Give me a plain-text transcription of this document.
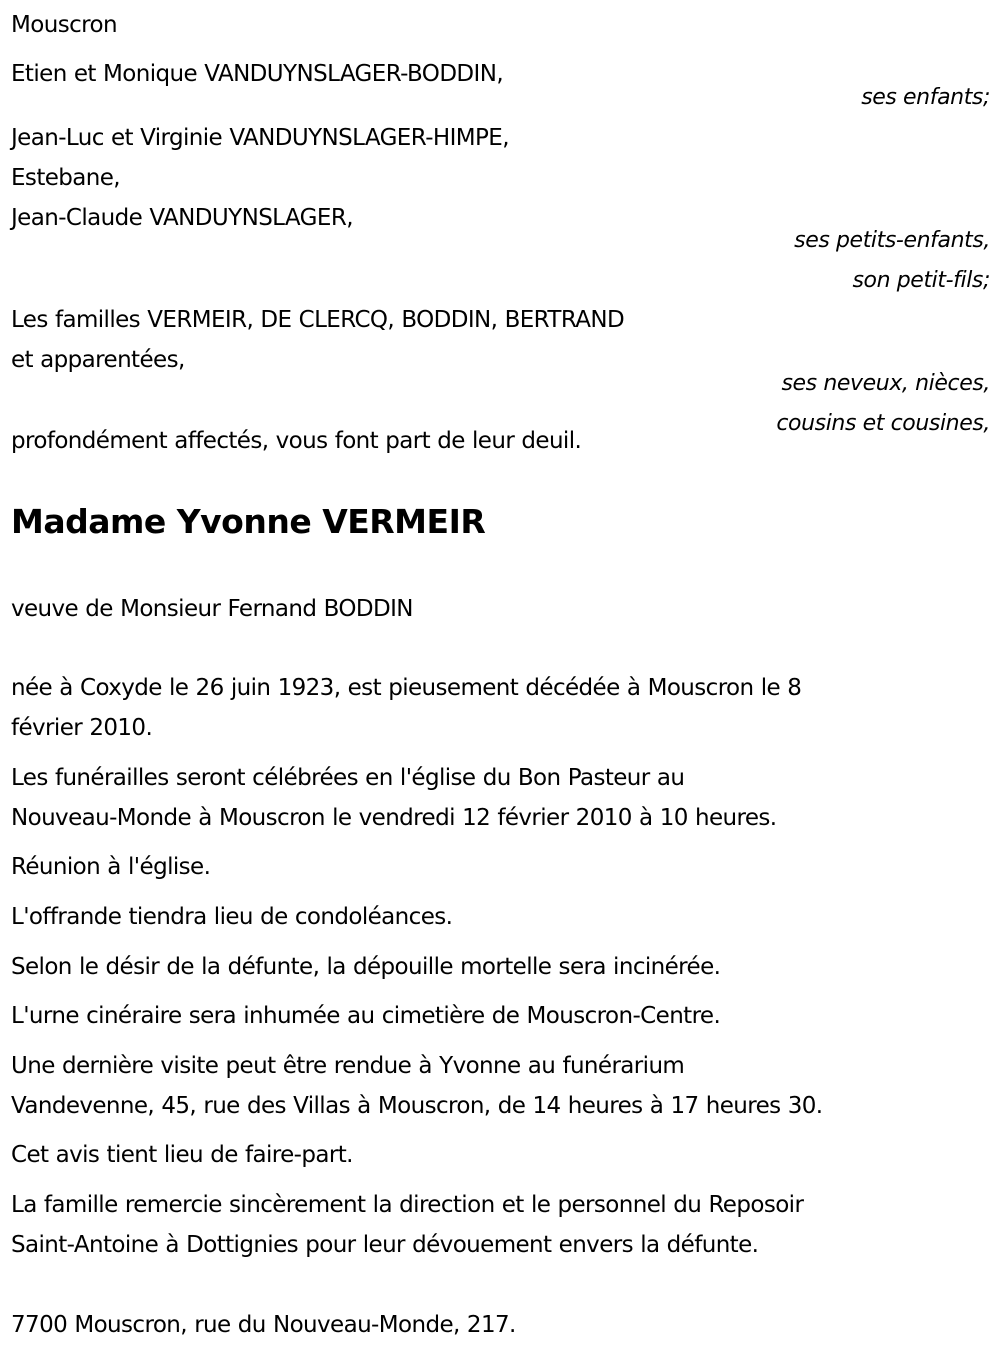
Mouscron
Etien et Monique VANDUYNSLAGER-BODDIN,
ses enfants;
Jean-Luc et Virginie VANDUYNSLAGER-HIMPE,
Estebane,
Jean-Claude VANDUYNSLAGER,
ses petits-enfants,
son petit-fils;
Les familles VERMEIR, DE CLERCQ, BODDIN, BERTRAND
et apparentées,
ses neveux, nièces,
cousins et cousines,
profondément affectés, vous font part de leur deuil.
Madame Yvonne VERMEIR
veuve de Monsieur Fernand BODDIN
née à Coxyde le 26 juin 1923, est pieusement décédée à Mouscron le 8
février 2010.
Les funérailles seront célébrées en l'église du Bon Pasteur au
Nouveau-Monde à Mouscron le vendredi 12 février 2010 à 10 heures.
Réunion à l'église.
L'offrande tiendra lieu de condoléances.
Selon le désir de la défunte, la dépouille mortelle sera incinérée.
L'urne cinéraire sera inhumée au cimetière de Mouscron-Centre.
Une dernière visite peut être rendue à Yvonne au funérarium
Vandevenne, 45, rue des Villas à Mouscron, de 14 heures à 17 heures 30.
Cet avis tient lieu de faire-part.
La famille remercie sincèrement la direction et le personnel du Reposoir
Saint-Antoine à Dottignies pour leur dévouement envers la défunte.
7700 Mouscron, rue du Nouveau-Monde, 217.
